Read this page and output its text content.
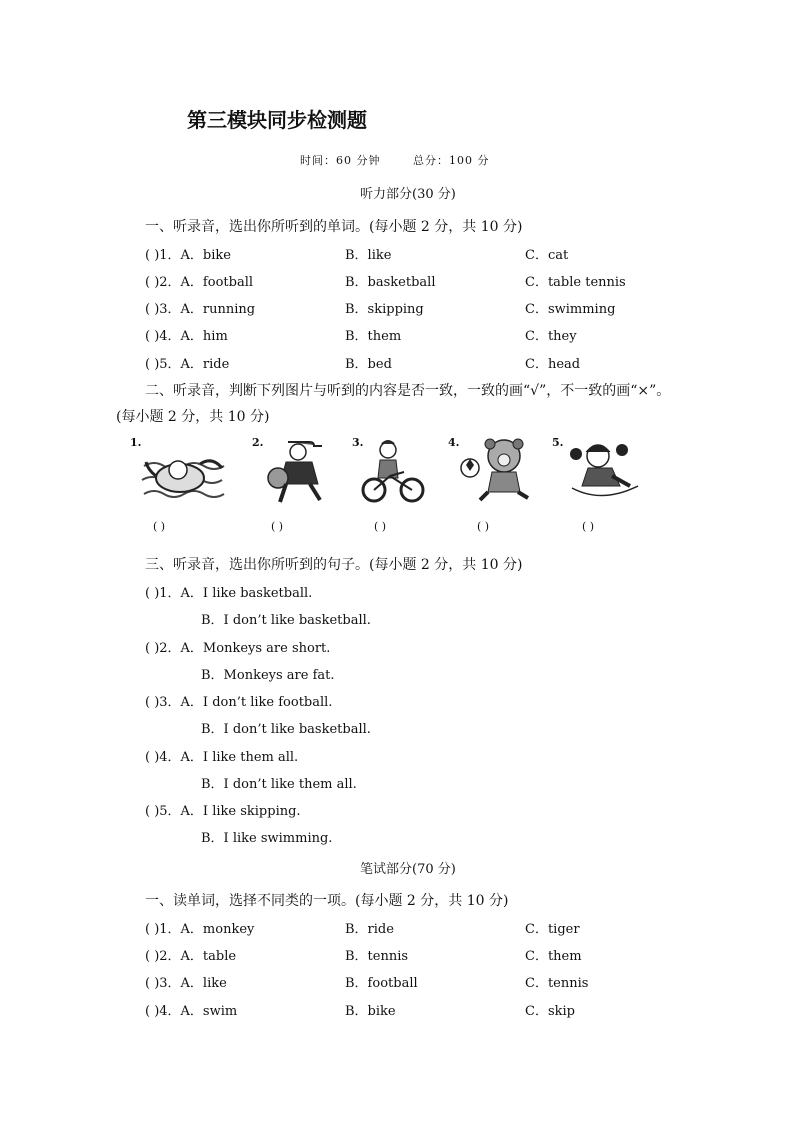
第三模块同步检测题
时间：60 分钟	总分：100 分
听力部分(30 分)
一、听录音，选出你所听到的单词。(每小题 2 分，共 10 分)
( )1．A．bike	B．like	C．cat
( )2．A．football	B．basketball	C．table tennis
( )3．A．running	B．skipping	C．swimming
( )4．A．him	B．them	C．they
( )5．A．ride	B．bed	C．head
二、听录音，判断下列图片与听到的内容是否一致，一致的画“√”，不一致的画“×”。
(每小题 2 分，共 10 分)
1.	2.	3.	4.	5.
( )	( )	( )	( )	( )
三、听录音，选出你所听到的句子。(每小题 2 分，共 10 分)
( )1．A．I like basketball.
B．I don’t like basketball.
( )2．A．Monkeys are short.
B．Monkeys are fat.
( )3．A．I don’t like football.
B．I don’t like basketball.
( )4．A．I like them all.
B．I don’t like them all.
( )5．A．I like skipping.
B．I like swimming.
笔试部分(70 分)
一、读单词，选择不同类的一项。(每小题 2 分，共 10 分)
( )1．A．monkey	B．ride	C．tiger
( )2．A．table	B．tennis	C．them
( )3．A．like	B．football	C．tennis
( )4．A．swim	B．bike	C．skip
